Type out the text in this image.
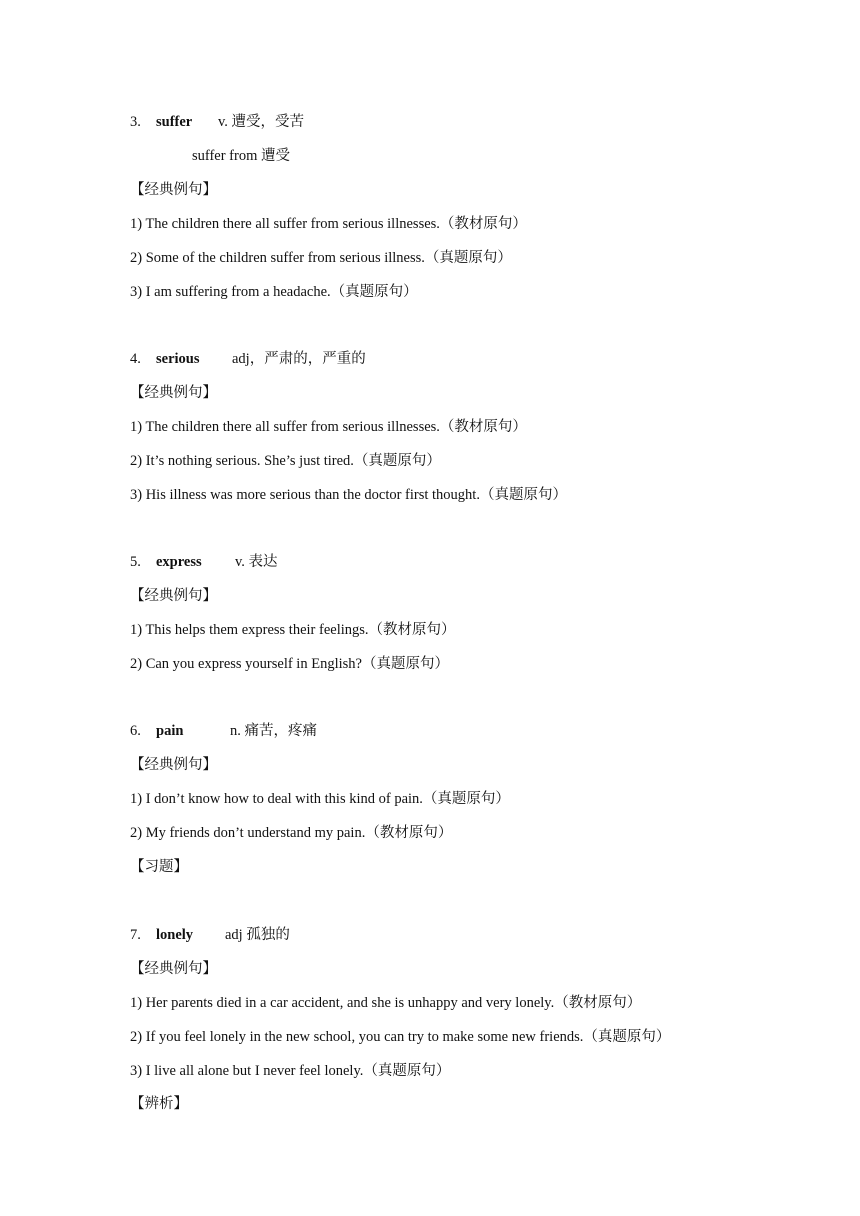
3. suffer v. 遭受，受苦
suffer from 遭受
【经典例句】
1) The children there all suffer from serious illnesses.（教材原句）
2) Some of the children suffer from serious illness.（真题原句）
3) I am suffering from a headache.（真题原句）
4. serious adj，严肃的，严重的
【经典例句】
1) The children there all suffer from serious illnesses.（教材原句）
2) It’s nothing serious. She’s just tired.（真题原句）
3) His illness was more serious than the doctor first thought.（真题原句）
5. express v. 表达
【经典例句】
1) This helps them express their feelings.（教材原句）
2) Can you express yourself in English?（真题原句）
6. pain	n. 痛苦，疼痛
【经典例句】
1) I don’t know how to deal with this kind of pain.（真题原句）
2) My friends don’t understand my pain.（教材原句）
【习题】
7. lonely adj 孤独的
【经典例句】
1) Her parents died in a car accident, and she is unhappy and very lonely.（教材原句）
2) If you feel lonely in the new school, you can try to make some new friends.（真题原句）
3) I live all alone but I never feel lonely.（真题原句）
【辨析】
